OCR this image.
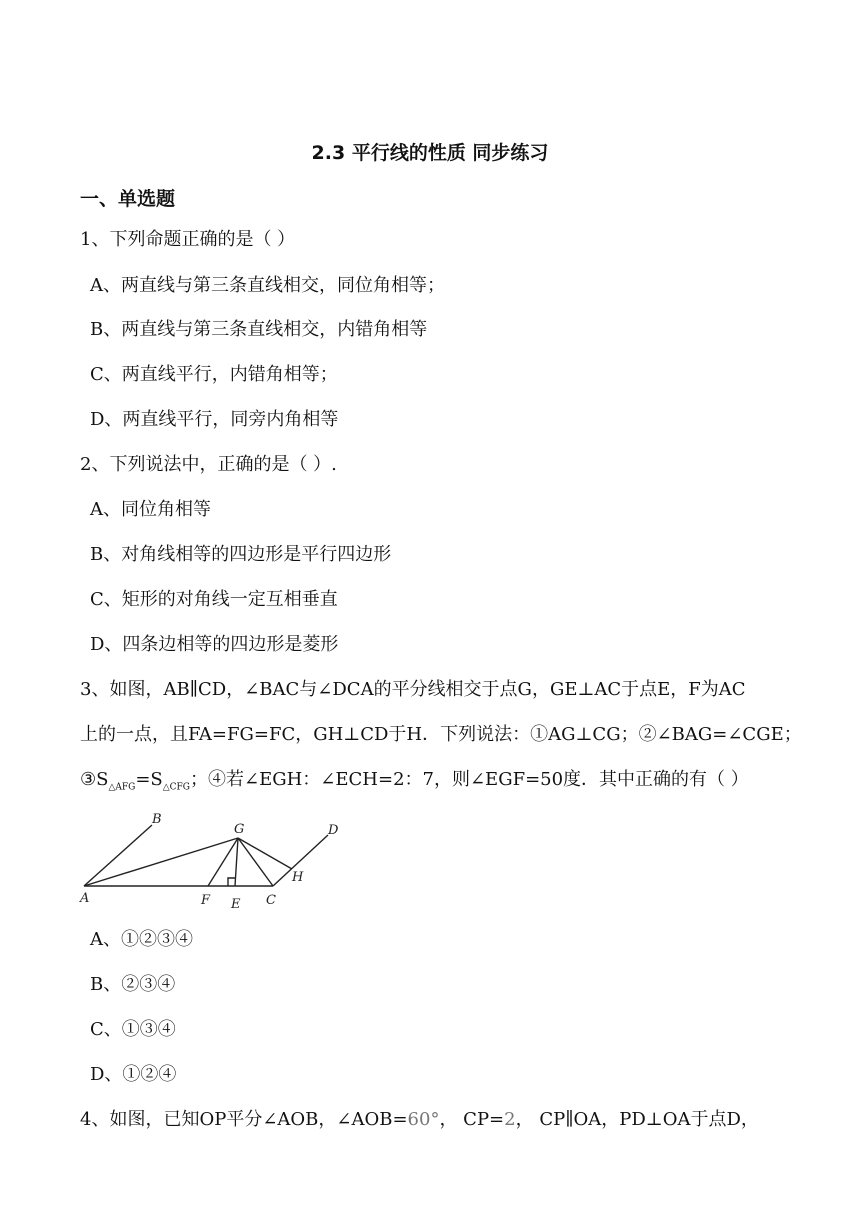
2.3 平行线的性质 同步练习
一、单选题
1、下列命题正确的是（ ）
A、两直线与第三条直线相交，同位角相等；
B、两直线与第三条直线相交，内错角相等
C、两直线平行，内错角相等；
D、两直线平行，同旁内角相等
2、下列说法中，正确的是（ ）.
A、同位角相等
B、对角线相等的四边形是平行四边形
C、矩形的对角线一定互相垂直
D、四条边相等的四边形是菱形
3、如图，AB∥CD，∠BAC与∠DCA的平分线相交于点G，GE⊥AC于点E，F为AC
上的一点，且FA=FG=FC，GH⊥CD于H．下列说法：①AG⊥CG；②∠BAG=∠CGE；
$③S_{\triangle AFG}=S_{\triangle CFG}$；④若∠EGH：∠ECH=2：7，则∠EGF=50度．其中正确的有（ ）
B
G	D
H
A	F E C
A、①②③④
B、②③④
C、①③④
D、①②④
4、如图，已知OP平分∠AOB，∠AOB=60°， CP=2， CP∥OA，PD⊥OA于点D，
